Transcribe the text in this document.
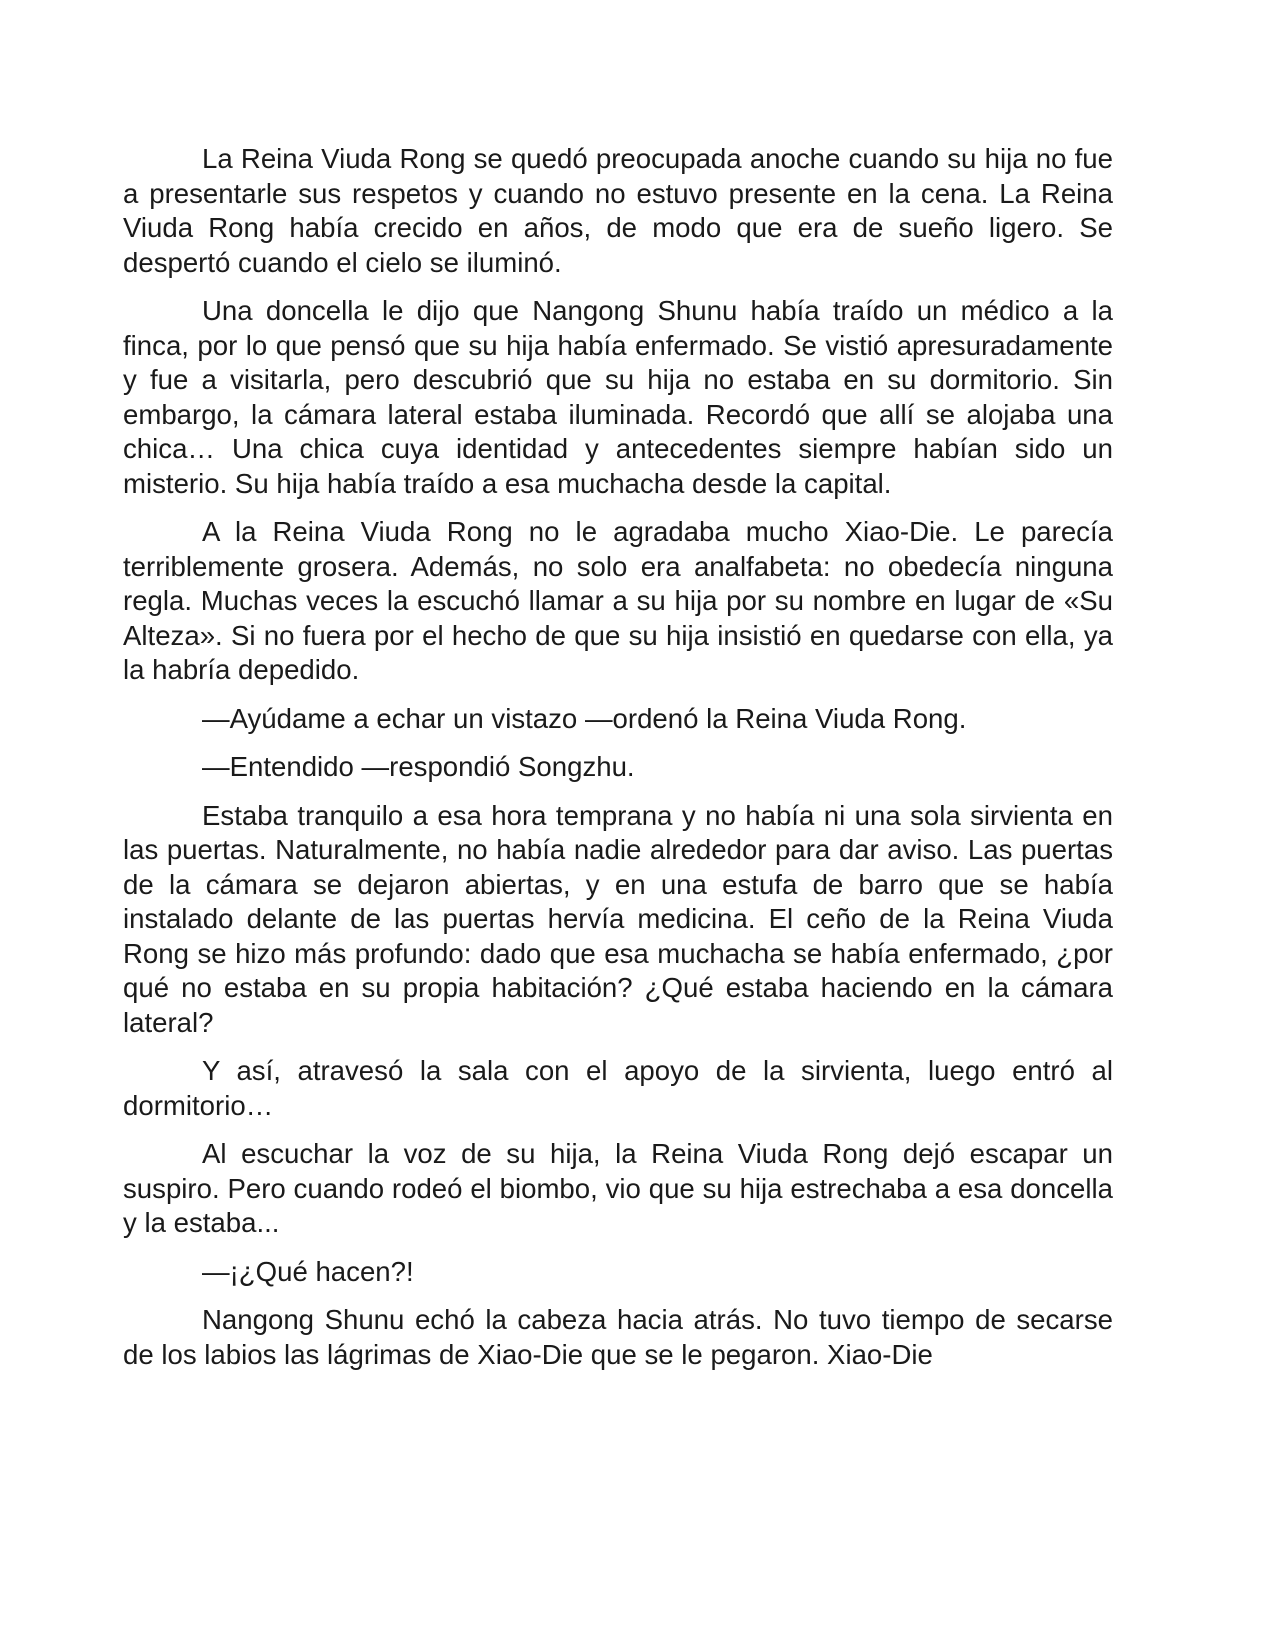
La Reina Viuda Rong se quedó preocupada anoche cuando su hija no fue a presentarle sus respetos y cuando no estuvo presente en la cena. La Reina Viuda Rong había crecido en años, de modo que era de sueño ligero. Se despertó cuando el cielo se iluminó.

Una doncella le dijo que Nangong Shunu había traído un médico a la finca, por lo que pensó que su hija había enfermado. Se vistió apresuradamente y fue a visitarla, pero descubrió que su hija no estaba en su dormitorio. Sin embargo, la cámara lateral estaba iluminada. Recordó que allí se alojaba una chica… Una chica cuya identidad y antecedentes siempre habían sido un misterio. Su hija había traído a esa muchacha desde la capital.

A la Reina Viuda Rong no le agradaba mucho Xiao-Die. Le parecía terriblemente grosera. Además, no solo era analfabeta: no obedecía ninguna regla. Muchas veces la escuchó llamar a su hija por su nombre en lugar de «Su Alteza». Si no fuera por el hecho de que su hija insistió en quedarse con ella, ya la habría depedido.

—Ayúdame a echar un vistazo —ordenó la Reina Viuda Rong.

—Entendido —respondió Songzhu.

Estaba tranquilo a esa hora temprana y no había ni una sola sirvienta en las puertas. Naturalmente, no había nadie alrededor para dar aviso. Las puertas de la cámara se dejaron abiertas, y en una estufa de barro que se había instalado delante de las puertas hervía medicina. El ceño de la Reina Viuda Rong se hizo más profundo: dado que esa muchacha se había enfermado, ¿por qué no estaba en su propia habitación? ¿Qué estaba haciendo en la cámara lateral?

Y así, atravesó la sala con el apoyo de la sirvienta, luego entró al dormitorio…

Al escuchar la voz de su hija, la Reina Viuda Rong dejó escapar un suspiro. Pero cuando rodeó el biombo, vio que su hija estrechaba a esa doncella y la estaba...

—¡¿Qué hacen?!

Nangong Shunu echó la cabeza hacia atrás. No tuvo tiempo de secarse de los labios las lágrimas de Xiao-Die que se le pegaron. Xiao-Die
